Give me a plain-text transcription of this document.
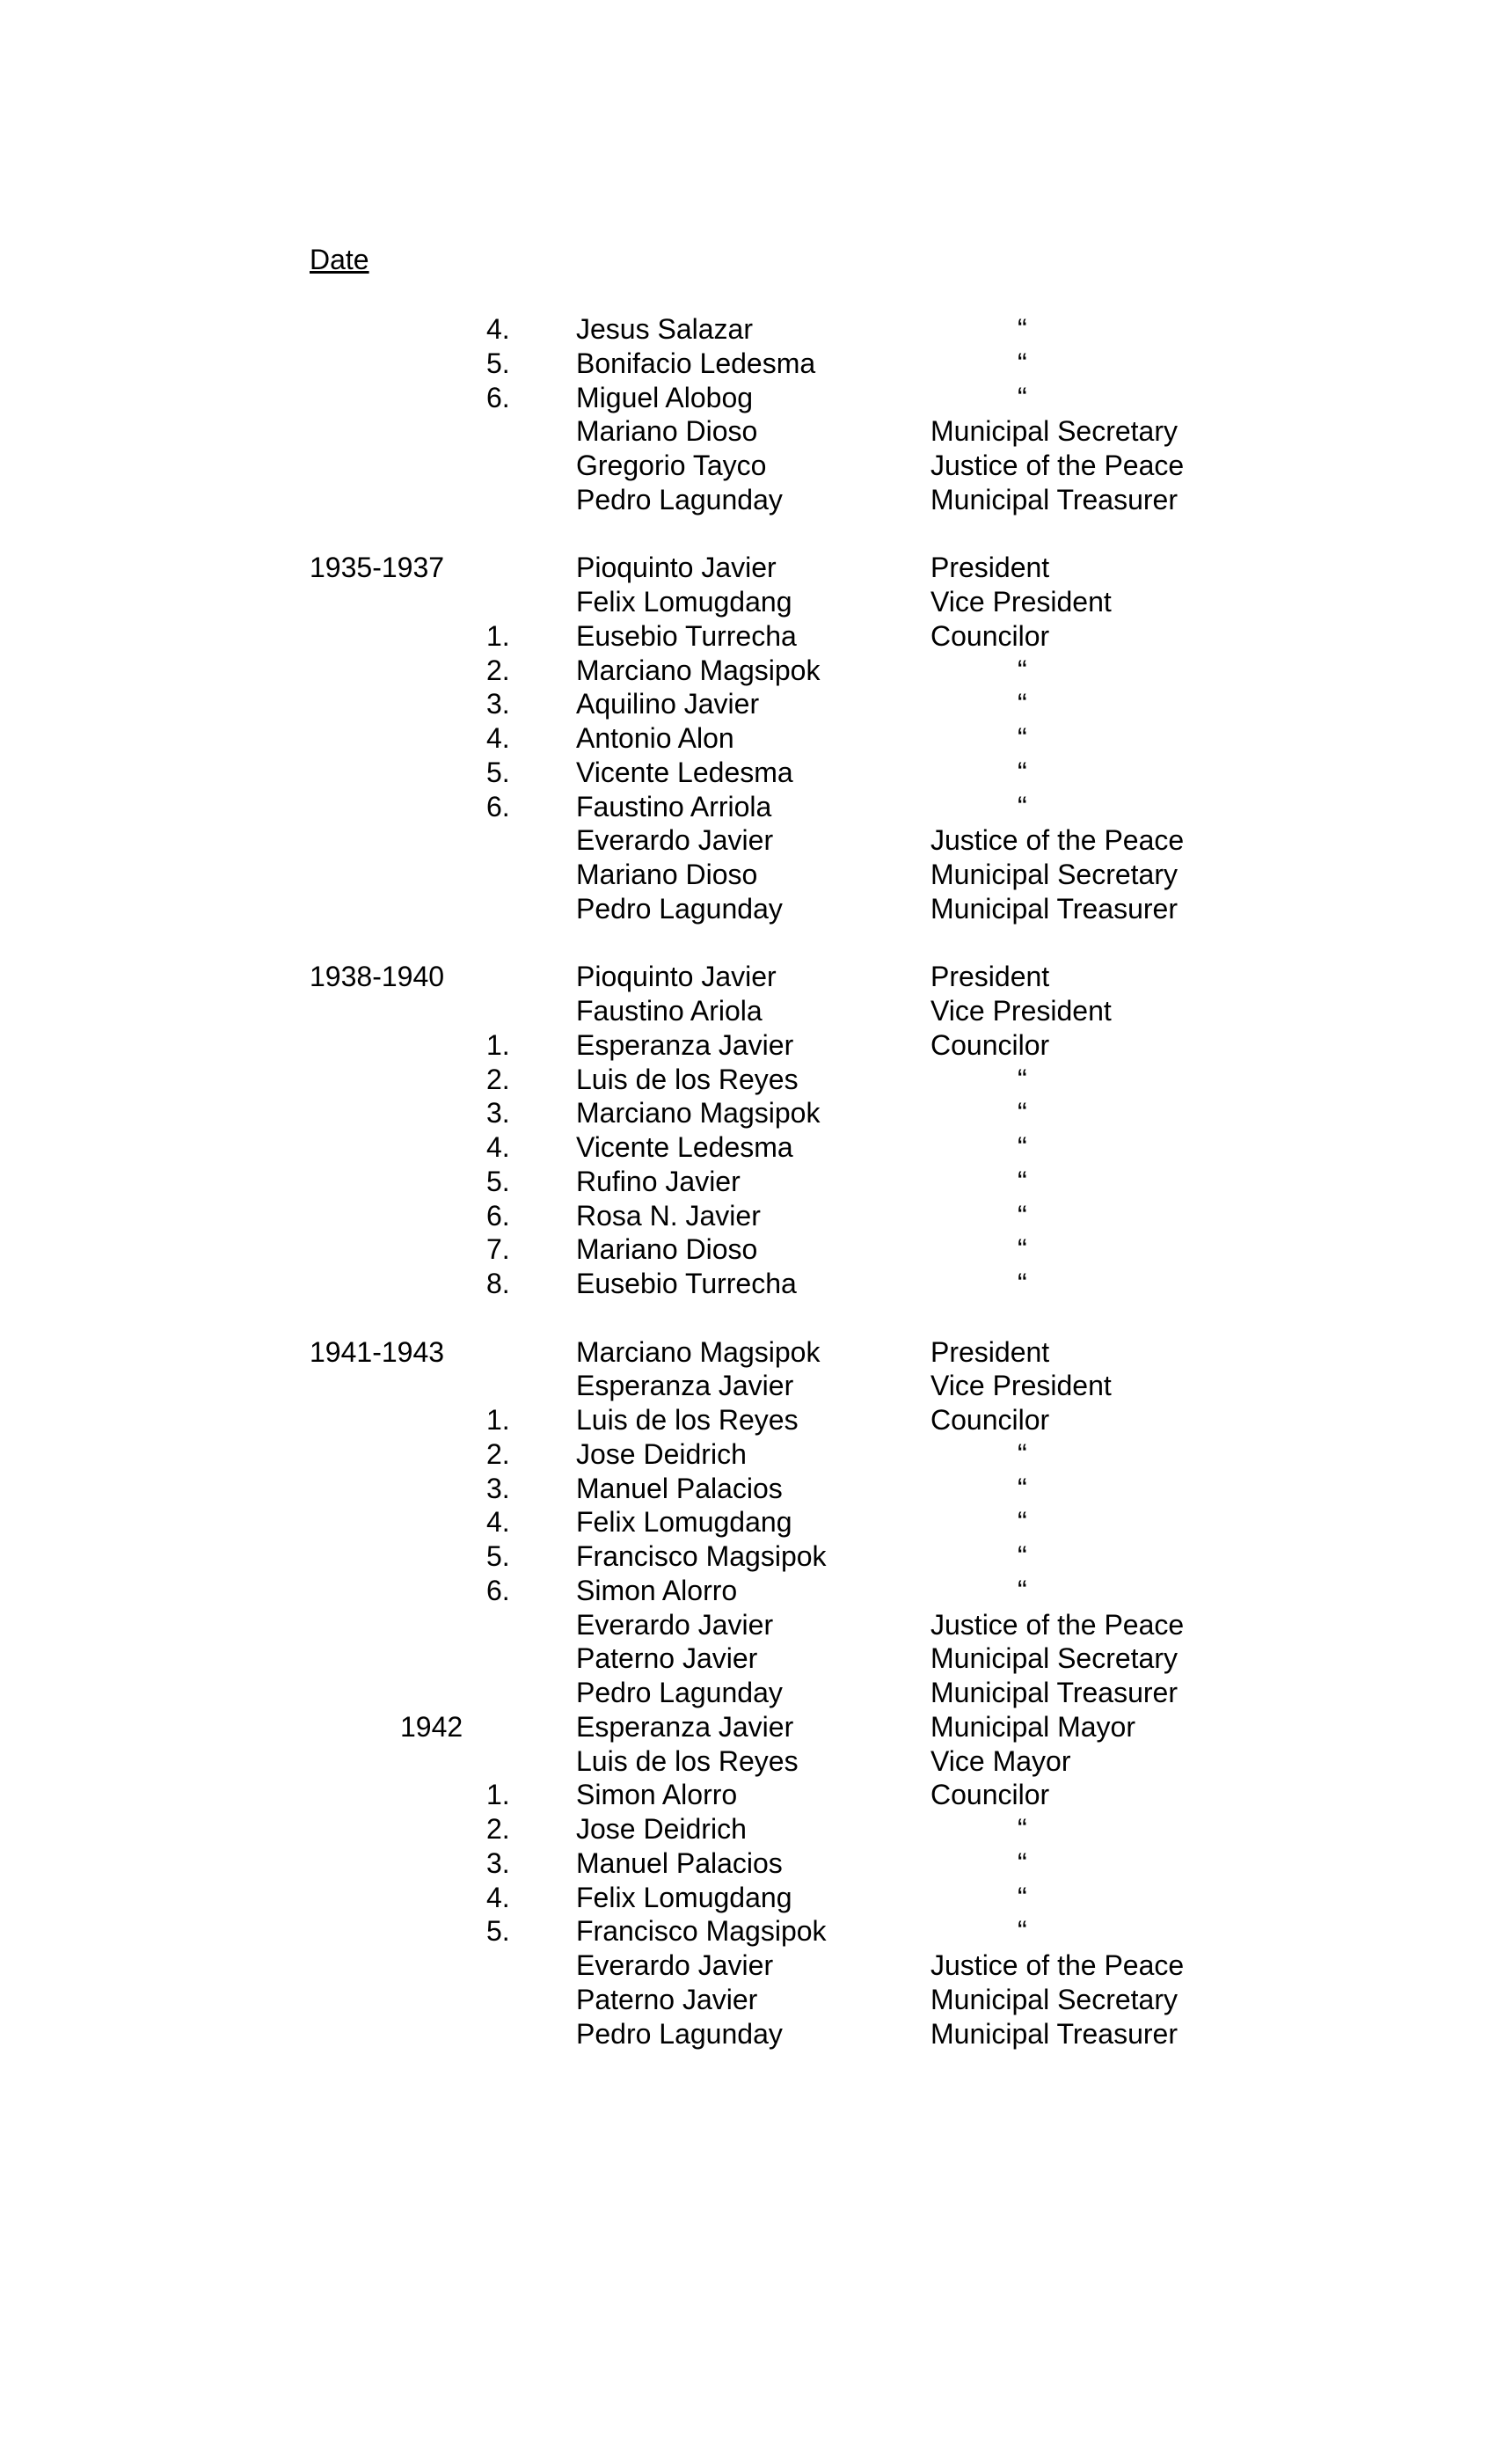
Date
4. Jesus Salazar	“
5. Bonifacio Ledesma	“
6. Miguel Alobog	“
Mariano Dioso	Municipal Secretary
Gregorio Tayco	Justice of the Peace
Pedro Lagunday	Municipal Treasurer
1935-1937	Pioquinto Javier	President
Felix Lomugdang	Vice President
1. Eusebio Turrecha	Councilor
2. Marciano Magsipok	“
3. Aquilino Javier	“
4. Antonio Alon	“
5. Vicente Ledesma	“
6. Faustino Arriola	“
Everardo Javier	Justice of the Peace
Mariano Dioso	Municipal Secretary
Pedro Lagunday	Municipal Treasurer
1938-1940	Pioquinto Javier	President
Faustino Ariola	Vice President
1. Esperanza Javier	Councilor
2. Luis de los Reyes	“
3. Marciano Magsipok	“
4. Vicente Ledesma	“
5. Rufino Javier	“
6. Rosa N. Javier	“
7. Mariano Dioso	“
8. Eusebio Turrecha	“
1941-1943	Marciano Magsipok	President
Esperanza Javier	Vice President
1. Luis de los Reyes	Councilor
2. Jose Deidrich	“
3. Manuel Palacios	“
4. Felix Lomugdang	“
5. Francisco Magsipok	“
6. Simon Alorro	“
Everardo Javier	Justice of the Peace
Paterno Javier	Municipal Secretary
Pedro Lagunday	Municipal Treasurer
1942	Esperanza Javier	Municipal Mayor
Luis de los Reyes	Vice Mayor
1. Simon Alorro	Councilor
2. Jose Deidrich	“
3. Manuel Palacios	“
4. Felix Lomugdang	“
5. Francisco Magsipok	“
Everardo Javier	Justice of the Peace
Paterno Javier	Municipal Secretary
Pedro Lagunday	Municipal Treasurer
